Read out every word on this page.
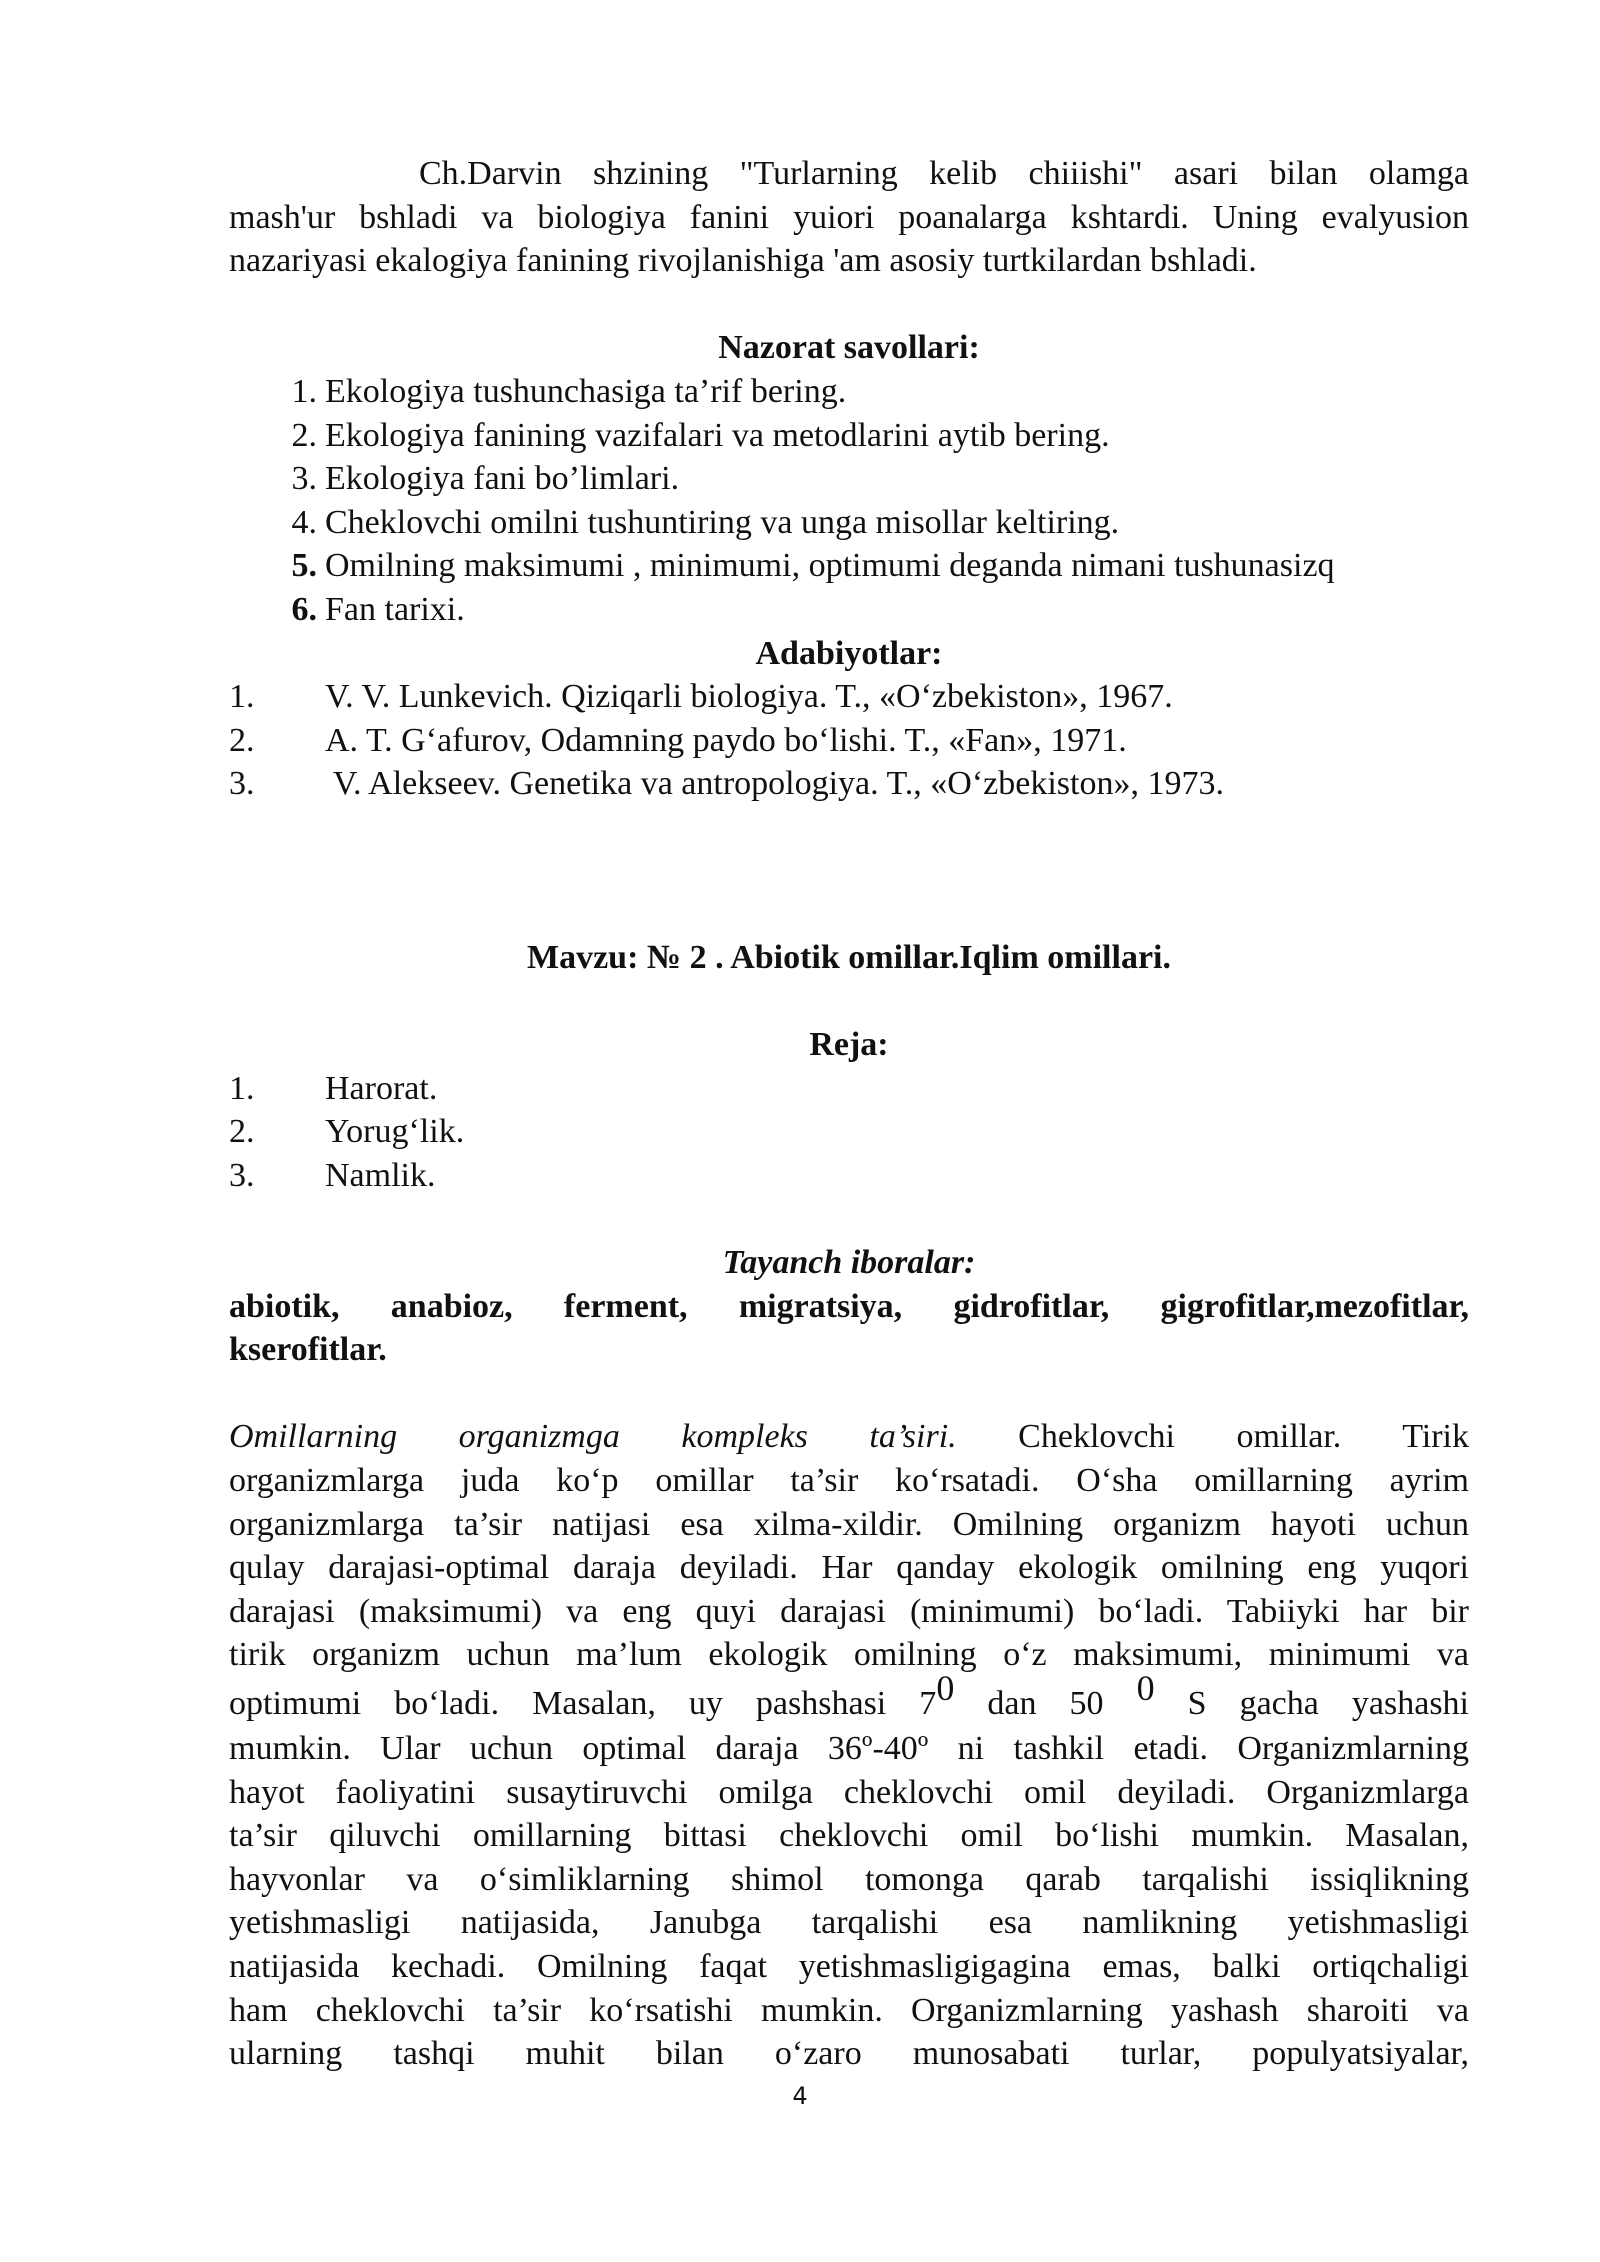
Ch.Darvin shzining "Turlarning kelib chiiishi" asari bilan olamga

mash'ur bshladi va biologiya fanini yuiori poanalarga kshtardi. Uning evalyusion

nazariyasi ekalogiya fanining rivojlanishiga 'am asosiy turtkilardan bshladi.

Nazorat savollari:

1. Ekologiya tushunchasiga ta’rif bering.
2. Ekologiya fanining vazifalari va metodlarini aytib bering.
3. Ekologiya fani bo’limlari.
4. Cheklovchi omilni tushuntiring va unga misollar keltiring.
5. Omilning maksimumi , minimumi, optimumi deganda nimani tushunasizq
6. Fan tarixi.

Adabiyotlar:

1. V. V. Lunkevich. Qiziqarli biologiya. T., «O‘zbekiston», 1967.
2. A. T. G‘afurov, Odamning paydo bo‘lishi. T., «Fan», 1971.
3. V. Alekseev. Genetika va antropologiya. T., «O‘zbekiston», 1973.

Mavzu: № 2 . Abiotik omillar.Iqlim omillari.

Reja:

1. Harorat.
2. Yorug‘lik.
3. Namlik.

Tayanch iboralar:

abiotik, anabioz, ferment, migratsiya, gidrofitlar, gigrofitlar,mezofitlar,

kserofitlar.

Omillarning organizmga kompleks ta’siri. Cheklovchi omillar. Tirik

organizmlarga juda ko‘p omillar ta’sir ko‘rsatadi. O‘sha omillarning ayrim

organizmlarga ta’sir natijasi esa xilma-xildir. Omilning organizm hayoti uchun

qulay darajasi-optimal daraja deyiladi. Har qanday ekologik omilning eng yuqori

darajasi (maksimumi) va eng quyi darajasi (minimumi) bo‘ladi. Tabiiyki har bir

tirik organizm uchun ma’lum ekologik omilning o‘z maksimumi, minimumi va

optimumi bo‘ladi. Masalan, uy pashshasi 70 dan 50 0 S gacha yashashi

mumkin. Ular uchun optimal daraja 36º-40º ni tashkil etadi. Organizmlarning

hayot faoliyatini susaytiruvchi omilga cheklovchi omil deyiladi. Organizmlarga

ta’sir qiluvchi omillarning bittasi cheklovchi omil bo‘lishi mumkin. Masalan,

hayvonlar va o‘simliklarning shimol tomonga qarab tarqalishi issiqlikning

yetishmasligi natijasida, Janubga tarqalishi esa namlikning yetishmasligi

natijasida kechadi. Omilning faqat yetishmasligigagina emas, balki ortiqchaligi

ham cheklovchi ta’sir ko‘rsatishi mumkin. Organizmlarning yashash sharoiti va

ularning tashqi muhit bilan o‘zaro munosabati turlar, populyatsiyalar,

4
